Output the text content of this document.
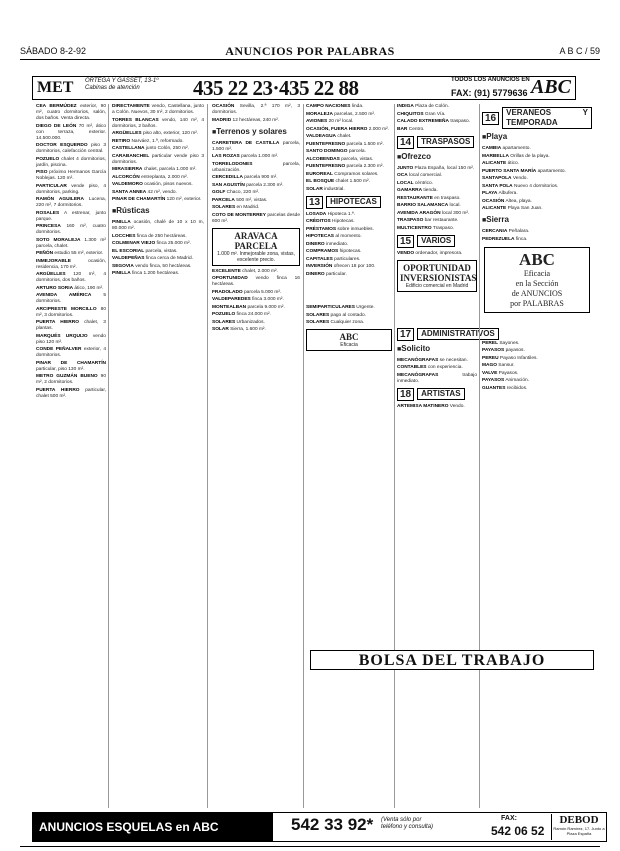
SÁBADO 8-2-92	ANUNCIOS POR PALABRAS	A B C / 59
MET ORTEGA Y GASSET, 13-1º
Cabinas de atención	435 22 23·435 22 88	TODOS LOS ANUNCIOS EN
FAX: (91) 5779636 ABC

CEA BERMÚDEZ exterior, 90 m², cuatro dormitorios, salón, dos baños. Venta directa.

DIEGO DE LEÓN 70 m², ático con terraza, exterior. 14.500.000.

DOCTOR ESQUERDO piso 3 dormitorios, calefacción central.

POZUELO chalet 4 dormitorios, jardín, piscina.

PISO próximo Hermanos García Noblejas. 120 m².

PARTICULAR vende piso, 4 dormitorios, parking.

RAMÓN AGUILERA Lucena, 220 m², 7 dormitorios.

ROSALES A estrenar, junto parque.

PRINCESA 160 m², cuatro dormitorios.

SOTO MORALEJA 1.300 m² parcela, chalet.

PEÑÓN estudio 55 m², exterior.

INMEJORABLE	ocasión, residencia, 170 m².

ARGÜELLES 120 m², 4 dormitorios, dos baños.

ARTURO SORIA ático, 190 m².

AVENIDA AMÉRICA	5 dormitorios.

ARCIPRESTE MORCILLO 80 m², 3 dormitorios.

PUERTA HIERRO chalet, 3 plantas.

MARQUÉS URQUIJO vendo piso 120 m².

CONDE PEÑALVER exterior, 4 dormitorios.

PINAR DE CHAMARTÍN particular, piso 130 m².

METRO GUZMÁN BUENO 90 m², 2 dormitorios.

PUERTA HIERRO particular, chalet 500 m².

DIRECTAMENTE vendo, Castellana, junto a Colón. Nuevos, 30 m², 2 dormitorios.

TORRES BLANCAS vendo, 140 m², 4 dormitorios, 2 baños.

ARGÜELLES piso alto, exterior, 120 m².

RETIRO Narváez, 1.ª, reformado.

CASTELLANA junto Colón, 250 m².

CARABANCHEL particular vende piso 3 dormitorios.

MIRASIERRA chalet, parcela 1.000 m².

ALCORCÓN entreplanta, 2.000 m².

VALDEMORO ocasión, pisos nuevos.

SANTA ANNEA 42 m², vendo.

PINAR DE CHAMARTÍN 120 m², exterior.

■ Rústicas

PINILLA ocasión, chalé de 10 x 10 m, 80.000 m².

LOCCHES finca de 250 hectáreas.

COLMENAR VIEJO finca 25.000 m².

EL ESCORIAL parcela, vistas.

VALDEPEÑAS finca cerca de Madrid.

SEGOVIA vendo finca, 50 hectáreas.

PINILLA finca 1.200 hectáreas.

OCASIÓN Sevilla, 2.ª 170 m², 3 dormitorios.

MADRID 12 hectáreas, 240 m².

■ Terrenos y solares

CARRETERA DE CASTILLA parcela, 1.500 m².

LAS ROZAS parcela 1.000 m².

TORRELODONES	parcela, urbanización.

CERCEDILLA parcela 900 m².

SAN AGUSTÍN parcela 2.300 m².

GOLF Chaco, 220 m².

PARCELA 500 m², vistas.

SOLARES en Madrid.

COTO DE MONTERREY parcelas desde 600 m².

ARAVACA PARCELA
1.000 m². Inmejorable zona, vistas, excelente precio.

EXCELENTE chalet, 2.000 m².

OPORTUNIDAD vendo finca 16 hectáreas.

FRADOLADO parcela 5.000 m².

VALDEPAREDES finca 3.000 m².

MONTEALBAN parcela 9.000 m².

POZUELO finca 24.000 m².

SOLARES Urbanizados.

SOLAR Sierra, 1.600 m².

CAMPO NACIONES linda.

MORALEJA parcelas, 2.500 m².

AVIONES 20 m² local.

OCASIÓN, FUERA HIERRO 2.000 m².

VALDEAGUA chalet.

FUENTEFRESNO parcela 1.500 m².

SANTO DOMINGO parcela.

ALCOBENDAS parcela, vistas.

FUENTEFRESNO parcela 2.300 m².

EUROREAL Compramos solares.

EL BOSQUE chalet 1.500 m².

SOLAR industrial.

13	HIPOTECAS

LOSADA Hipoteca 1.ª.

CRÉDITOS Hipotecas.

PRÉSTAMOS sobre inmuebles.

HIPOTECAS al momento.

DINERO inmediato.

COMPRAMOS hipotecas.

CAPITALES particulares.

INVERSIÓN ofrecen 18 por 100.

DINERO particular.

SEMIPARTICULARES Urgente.

SOLARES pago al contado.

SOLARES Cualquier zona.

ABC
Eficacia

INDIGA Plaza de Colón.

CHIQUITOS Gran Vía.

CALADO EXTREMEÑA traspaso.

BAR Centro.

14	TRASPASOS
■ Ofrezco

JUNTO Plaza España, local 150 m².

OCA local comercial.

LOCAL céntrico.

GAMARRA tienda.

RESTAURANTE en traspaso.

BARRIO SALAMANCA local.

AVENIDA ARAGÓN local 300 m².

TRASPASO bar restaurante.

MULTICENTRO Traspaso.

15	VARIOS

VENDO ordenador, impresora.

OPORTUNIDAD INVERSIONISTAS
Edificio comercial en Madrid
17	ADMINISTRATIVOS
■ Solicito

MECANÓGRAFAS se necesitan.

CONTABLES con experiencia.

MECANÓGRAFAS	trabajo inmediato.

18	ARTISTAS

ARTEMISA MATINERO Vendo.

16	VERANEOS Y TEMPORADA
■ Playa

CAMBIA apartamento.

MARBELLA Orillas de la playa.

ALICANTE ático.

PUERTO SANTA MARÍA apartamento.

SANTAPOLA Vendo.

SANTA POLA Nuevo 4 dormitorios.

PLAYA Albufera.

OCASIÓN Altea, playa.

ALICANTE Playa San Juan.

■ Sierra

CERCANIA Peñalara.

PEDREZUELA finca.

ABC
Eficacia
en la Sección
de ANUNCIOS
por PALABRAS

PEREL Sayones.

PAYASOS payasos.

PEREU Payaso Infantiles.

MAGO Sansur.

VALVE Payasos.

PAYASOS Animación.

GUANTES recibidos.

BOLSA DEL TRABAJO
ANUNCIOS ESQUELAS en ABC	542 33 92* (Venta sólo por
teléfono y consulta)
FAX:
542 06 52
DEBOD
Ramón Ramírez, 17. Junto a Plaza España
